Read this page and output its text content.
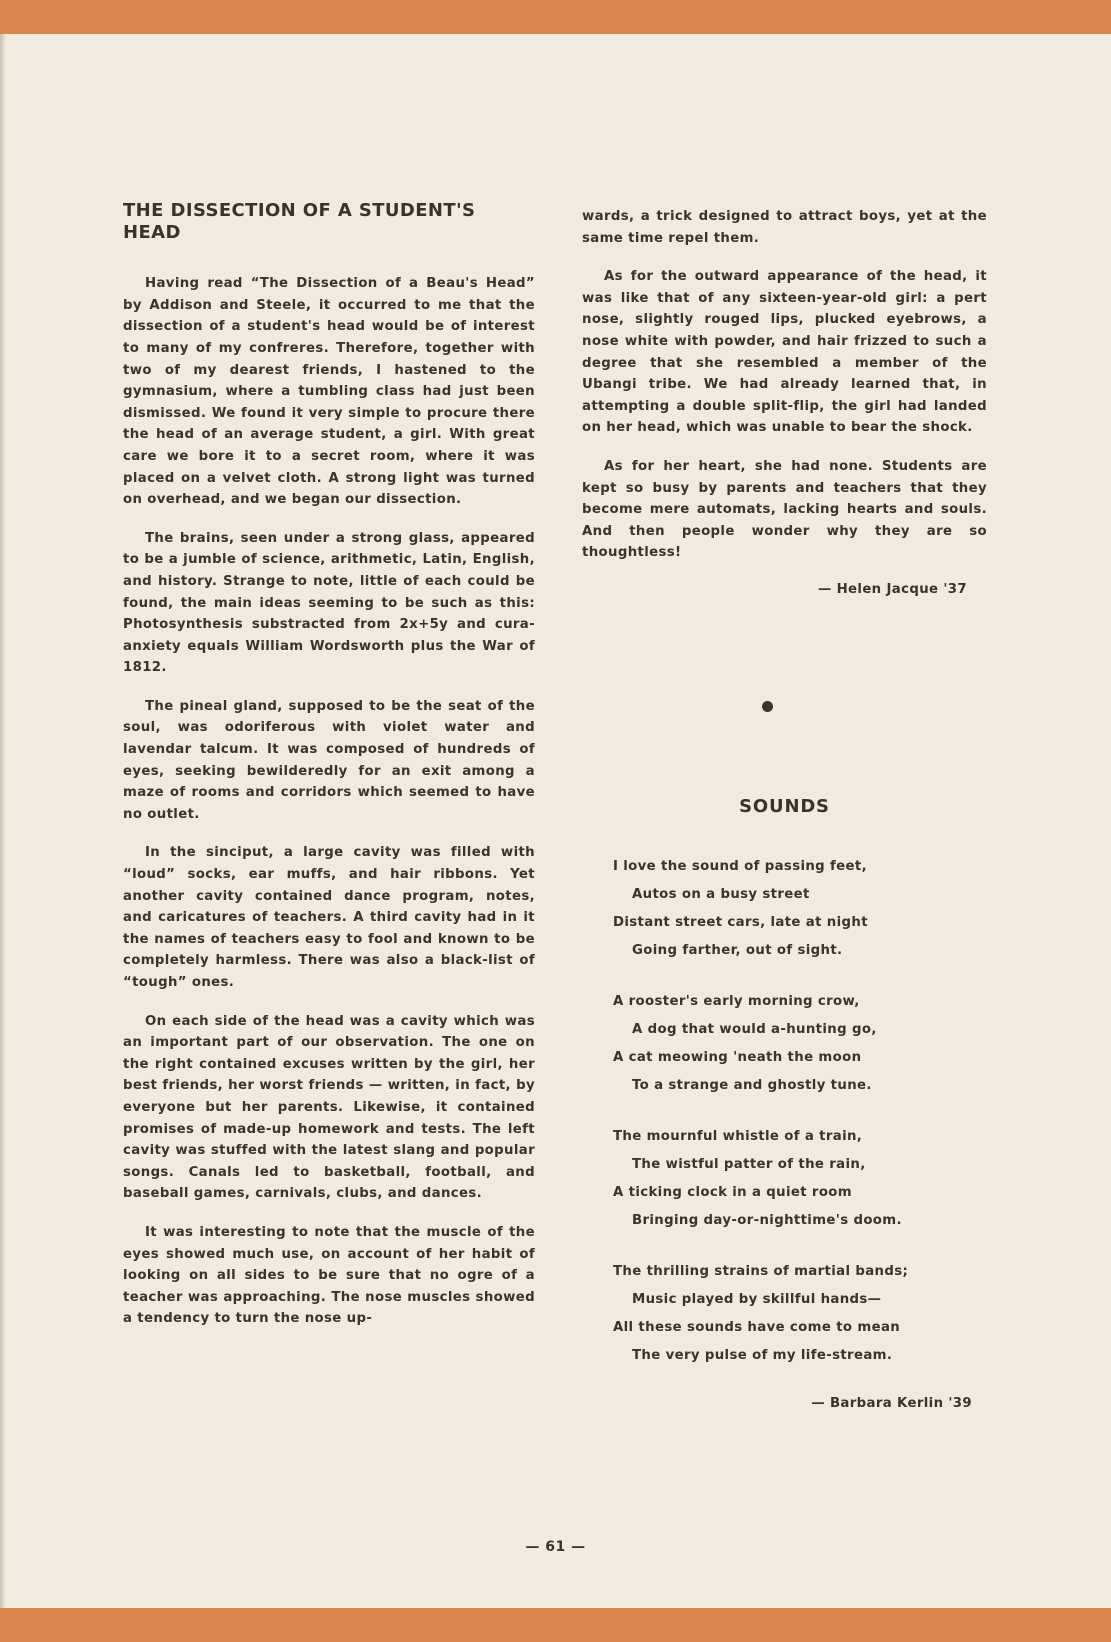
THE DISSECTION OF A STUDENT'S HEAD

Having read “The Dissection of a Beau's Head” by Addison and Steele, it occurred to me that the dissection of a student's head would be of interest to many of my confreres. Therefore, together with two of my dearest friends, I hastened to the gymnasium, where a tumbling class had just been dismissed. We found it very simple to procure there the head of an average student, a girl. With great care we bore it to a secret room, where it was placed on a velvet cloth. A strong light was turned on overhead, and we began our dissection.

The brains, seen under a strong glass, appeared to be a jumble of science, arithmetic, Latin, English, and history. Strange to note, little of each could be found, the main ideas seeming to be such as this: Photosynthesis substracted from 2x+5y and cura-anxiety equals William Wordsworth plus the War of 1812.

The pineal gland, supposed to be the seat of the soul, was odoriferous with violet water and lavendar talcum. It was composed of hundreds of eyes, seeking bewilderedly for an exit among a maze of rooms and corridors which seemed to have no outlet.

In the sinciput, a large cavity was filled with “loud” socks, ear muffs, and hair ribbons. Yet another cavity contained dance program, notes, and caricatures of teachers. A third cavity had in it the names of teachers easy to fool and known to be completely harmless. There was also a black-list of “tough” ones.

On each side of the head was a cavity which was an important part of our observation. The one on the right contained excuses written by the girl, her best friends, her worst friends — written, in fact, by everyone but her parents. Likewise, it contained promises of made-up homework and tests. The left cavity was stuffed with the latest slang and popular songs. Canals led to basketball, football, and baseball games, carnivals, clubs, and dances.

It was interesting to note that the muscle of the eyes showed much use, on account of her habit of looking on all sides to be sure that no ogre of a teacher was approaching. The nose muscles showed a tendency to turn the nose up-

wards, a trick designed to attract boys, yet at the same time repel them.

As for the outward appearance of the head, it was like that of any sixteen-year-old girl: a pert nose, slightly rouged lips, plucked eyebrows, a nose white with powder, and hair frizzed to such a degree that she resembled a member of the Ubangi tribe. We had already learned that, in attempting a double split-flip, the girl had landed on her head, which was unable to bear the shock.

As for her heart, she had none. Students are kept so busy by parents and teachers that they become mere automats, lacking hearts and souls. And then people wonder why they are so thoughtless!

— Helen Jacque '37
SOUNDS
I love the sound of passing feet,
Autos on a busy street
Distant street cars, late at night
Going farther, out of sight.
A rooster's early morning crow,
A dog that would a-hunting go,
A cat meowing 'neath the moon
To a strange and ghostly tune.
The mournful whistle of a train,
The wistful patter of the rain,
A ticking clock in a quiet room
Bringing day-or-nighttime's doom.
The thrilling strains of martial bands;
Music played by skillful hands—
All these sounds have come to mean
The very pulse of my life-stream.
— Barbara Kerlin '39
— 61 —
